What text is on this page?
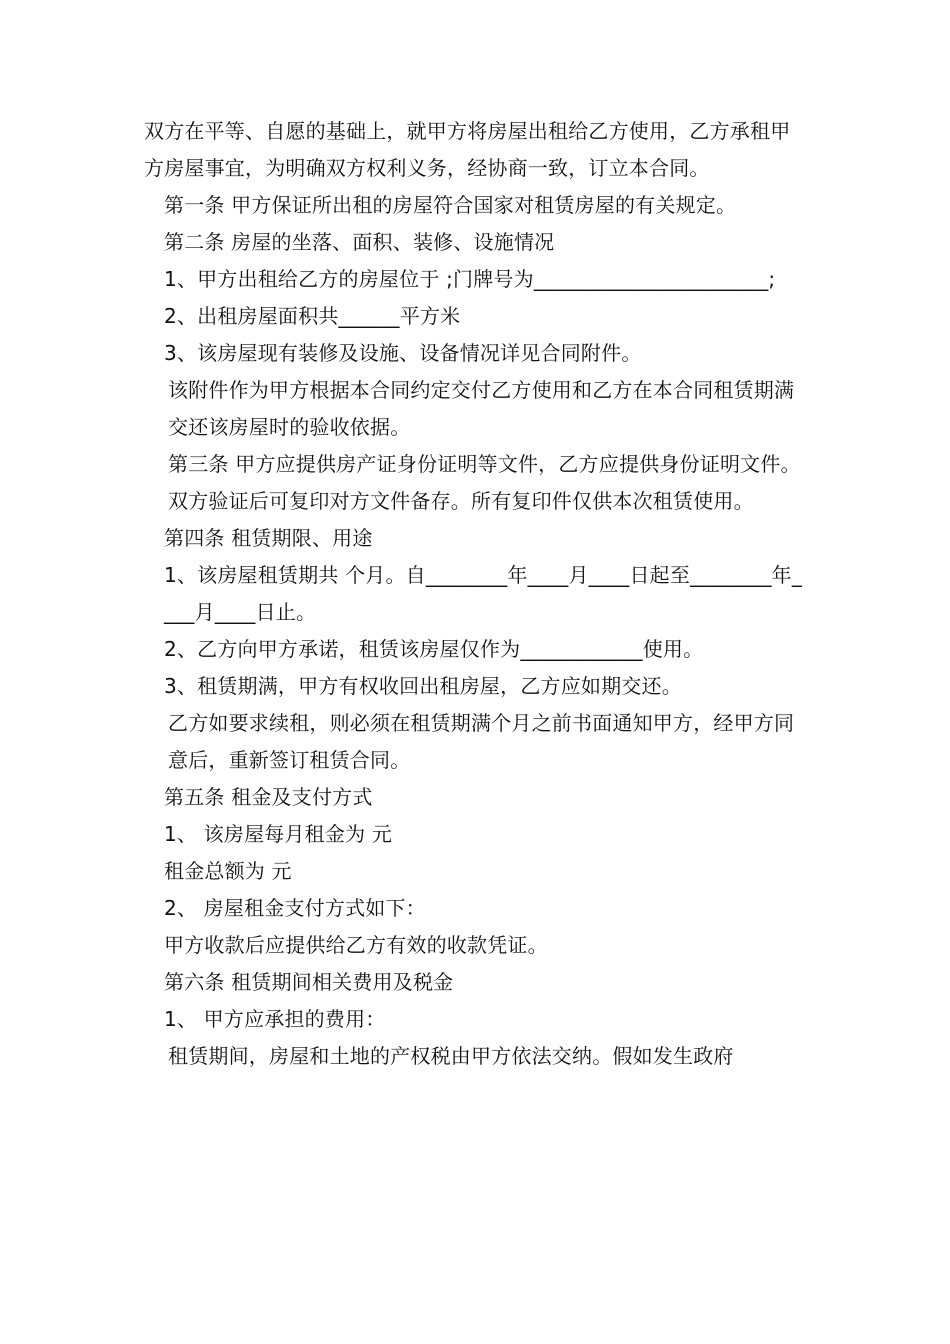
双方在平等、自愿的基础上，就甲方将房屋出租给乙方使用，乙方承租甲方房屋事宜，为明确双方权利义务，经协商一致，订立本合同。

第一条 甲方保证所出租的房屋符合国家对租赁房屋的有关规定。

第二条 房屋的坐落、面积、装修、设施情况

1、甲方出租给乙方的房屋位于 ;门牌号为_______________________;

2、出租房屋面积共______平方米

3、该房屋现有装修及设施、设备情况详见合同附件。

该附件作为甲方根据本合同约定交付乙方使用和乙方在本合同租赁期满交还该房屋时的验收依据。

第三条 甲方应提供房产证身份证明等文件，乙方应提供身份证明文件。双方验证后可复印对方文件备存。所有复印件仅供本次租赁使用。

第四条 租赁期限、用途

1、该房屋租赁期共 个月。自________年____月____日起至________年____月____日止。

2、乙方向甲方承诺，租赁该房屋仅作为____________使用。

3、租赁期满，甲方有权收回出租房屋，乙方应如期交还。

乙方如要求续租，则必须在租赁期满个月之前书面通知甲方，经甲方同意后，重新签订租赁合同。

第五条 租金及支付方式

1、 该房屋每月租金为 元

租金总额为 元

2、 房屋租金支付方式如下：

甲方收款后应提供给乙方有效的收款凭证。

第六条 租赁期间相关费用及税金

1、 甲方应承担的费用：

租赁期间，房屋和土地的产权税由甲方依法交纳。假如发生政府
